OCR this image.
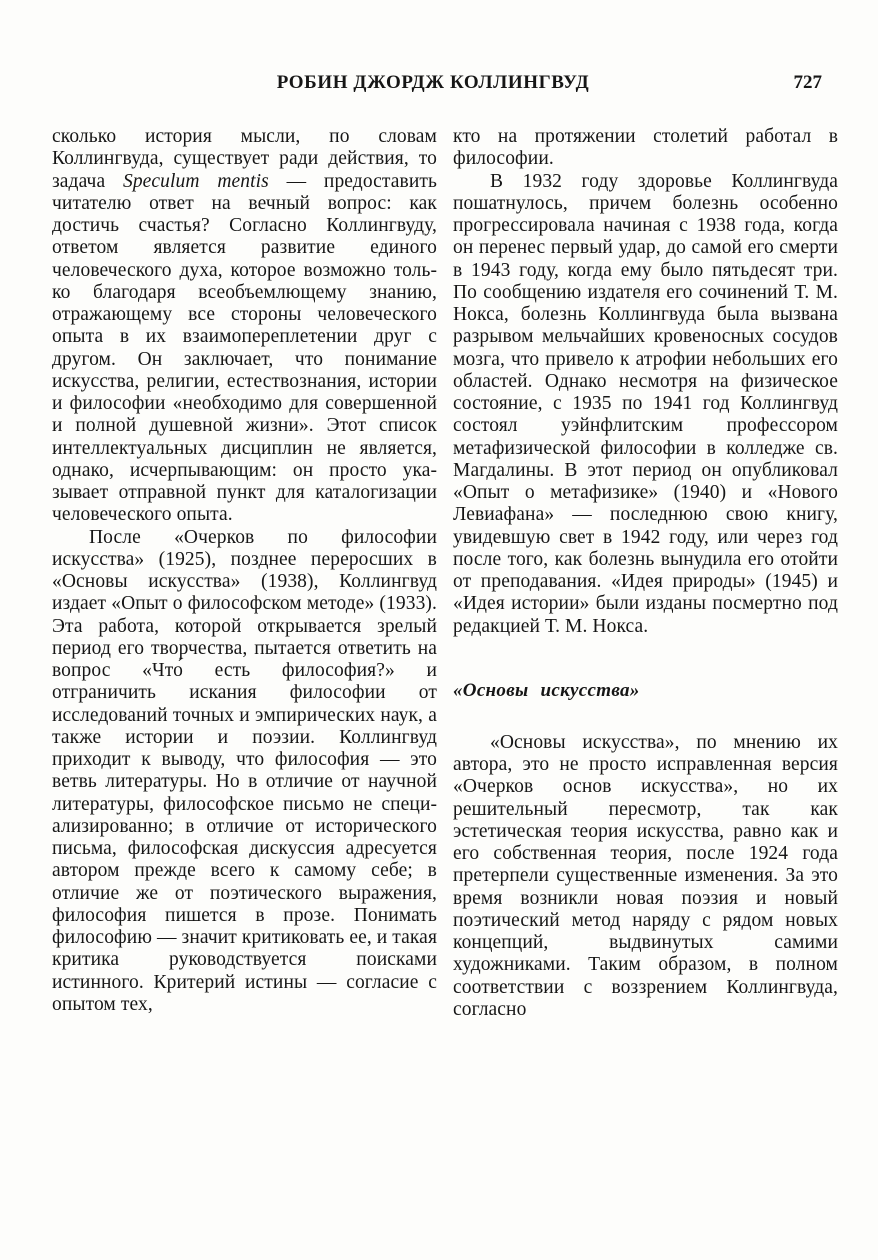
РОБИН ДЖОРДЖ КОЛЛИНГВУД	727

сколько история мысли, по словам Коллингвуда, существует ради действия, то задача Speculum mentis — предоставить читателю ответ на вечный вопрос: как достичь счастья? Согласно Коллингвуду, ответом является развитие единого человеческого духа, которое возможно только благодаря всеобъемлющему знанию, отражающему все стороны человеческого опыта в их взаимопереплетении друг с другом. Он заключает, что понимание искусства, религии, естествознания, истории и философии «необходимо для совершенной и полной душевной жизни». Этот список интеллектуальных дисциплин не является, однако, исчерпывающим: он просто указывает отправной пункт для каталогизации человеческого опыта.

После «Очерков по философии искусства» (1925), позднее переросших в «Основы искусства» (1938), Коллингвуд издает «Опыт о философском методе» (1933). Эта работа, которой открывается зрелый период его творчества, пытается ответить на вопрос «Что́ есть философия?» и отграничить искания философии от исследований точных и эмпирических наук, а также истории и поэзии. Коллингвуд приходит к выводу, что философия — это ветвь литературы. Но в отличие от научной литературы, философское письмо не специализированно; в отличие от исторического письма, философская дискуссия адресуется автором прежде всего к самому себе; в отличие же от поэтического выражения, философия пишется в прозе. Понимать философию — значит критиковать ее, и такая критика руководствуется поисками истинного. Критерий истины — согласие с опытом тех,

кто на протяжении столетий работал в философии.

В 1932 году здоровье Коллингвуда пошатнулось, причем болезнь особенно прогрессировала начиная с 1938 года, когда он перенес первый удар, до самой его смерти в 1943 году, когда ему было пятьдесят три. По сообщению издателя его сочинений Т. М. Нокса, болезнь Коллингвуда была вызвана разрывом мельчайших кровеносных сосудов мозга, что привело к атрофии небольших его областей. Однако несмотря на физическое состояние, с 1935 по 1941 год Коллингвуд состоял уэйнфлитским профессором метафизической философии в колледже св. Магдалины. В этот период он опубликовал «Опыт о метафизике» (1940) и «Нового Левиафана» — последнюю свою книгу, увидевшую свет в 1942 году, или через год после того, как болезнь вынудила его отойти от преподавания. «Идея природы» (1945) и «Идея истории» были изданы посмертно под редакцией Т. М. Нокса.

«Основы искусства»

«Основы искусства», по мнению их автора, это не просто исправленная версия «Очерков основ искусства», но их решительный пересмотр, так как эстетическая теория искусства, равно как и его собственная теория, после 1924 года претерпели существенные изменения. За это время возникли новая поэзия и новый поэтический метод наряду с рядом новых концепций, выдвинутых самими художниками. Таким образом, в полном соответствии с воззрением Коллингвуда, согласно
